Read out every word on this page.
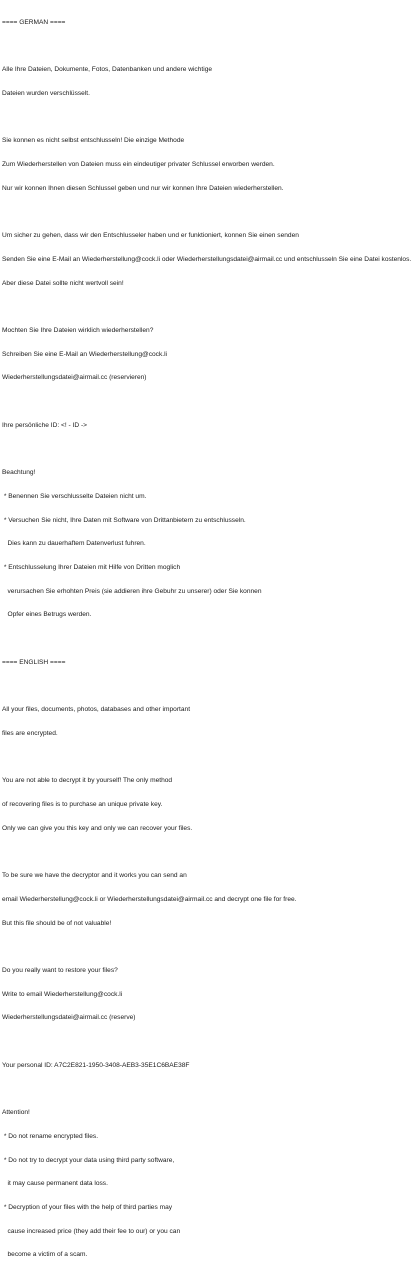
==== GERMAN ====

Alle Ihre Dateien, Dokumente, Fotos, Datenbanken und andere wichtige

Dateien wurden verschlüsselt.

Sie konnen es nicht selbst entschlusseln! Die einzige Methode

Zum Wiederherstellen von Dateien muss ein eindeutiger privater Schlussel erworben werden.

Nur wir konnen Ihnen diesen Schlussel geben und nur wir konnen Ihre Dateien wiederherstellen.

Um sicher zu gehen, dass wir den Entschlusseler haben und er funktioniert, konnen Sie einen senden

Senden Sie eine E-Mail an Wiederherstellung@cock.li oder Wiederherstellungsdatei@airmail.cc und entschlusseln Sie eine Datei kostenlos.

Aber diese Datei sollte nicht wertvoll sein!

Mochten Sie Ihre Dateien wirklich wiederherstellen?

Schreiben Sie eine E-Mail an Wiederherstellung@cock.li

Wiederherstellungsdatei@airmail.cc (reservieren)

Ihre persönliche ID: <! - ID ->

Beachtung!

* Benennen Sie verschlusselte Dateien nicht um.

* Versuchen Sie nicht, Ihre Daten mit Software von Drittanbietern zu entschlusseln.

Dies kann zu dauerhaftem Datenverlust fuhren.

* Entschlusselung Ihrer Dateien mit Hilfe von Dritten moglich

verursachen Sie erhohten Preis (sie addieren ihre Gebuhr zu unserer) oder Sie konnen

Opfer eines Betrugs werden.

==== ENGLISH ====

All your files, documents, photos, databases and other important

files are encrypted.

You are not able to decrypt it by yourself! The only method

of recovering files is to purchase an unique private key.

Only we can give you this key and only we can recover your files.

To be sure we have the decryptor and it works you can send an

email Wiederherstellung@cock.li or Wiederherstellungsdatei@airmail.cc and decrypt one file for free.

But this file should be of not valuable!

Do you really want to restore your files?

Write to email Wiederherstellung@cock.li

Wiederherstellungsdatei@airmail.cc (reserve)

Your personal ID: A7C2E821-1950-3408-AEB3-35E1C6BAE38F

Attention!

* Do not rename encrypted files.

* Do not try to decrypt your data using third party software,

it may cause permanent data loss.

* Decryption of your files with the help of third parties may

cause increased price (they add their fee to our) or you can

become a victim of a scam.
